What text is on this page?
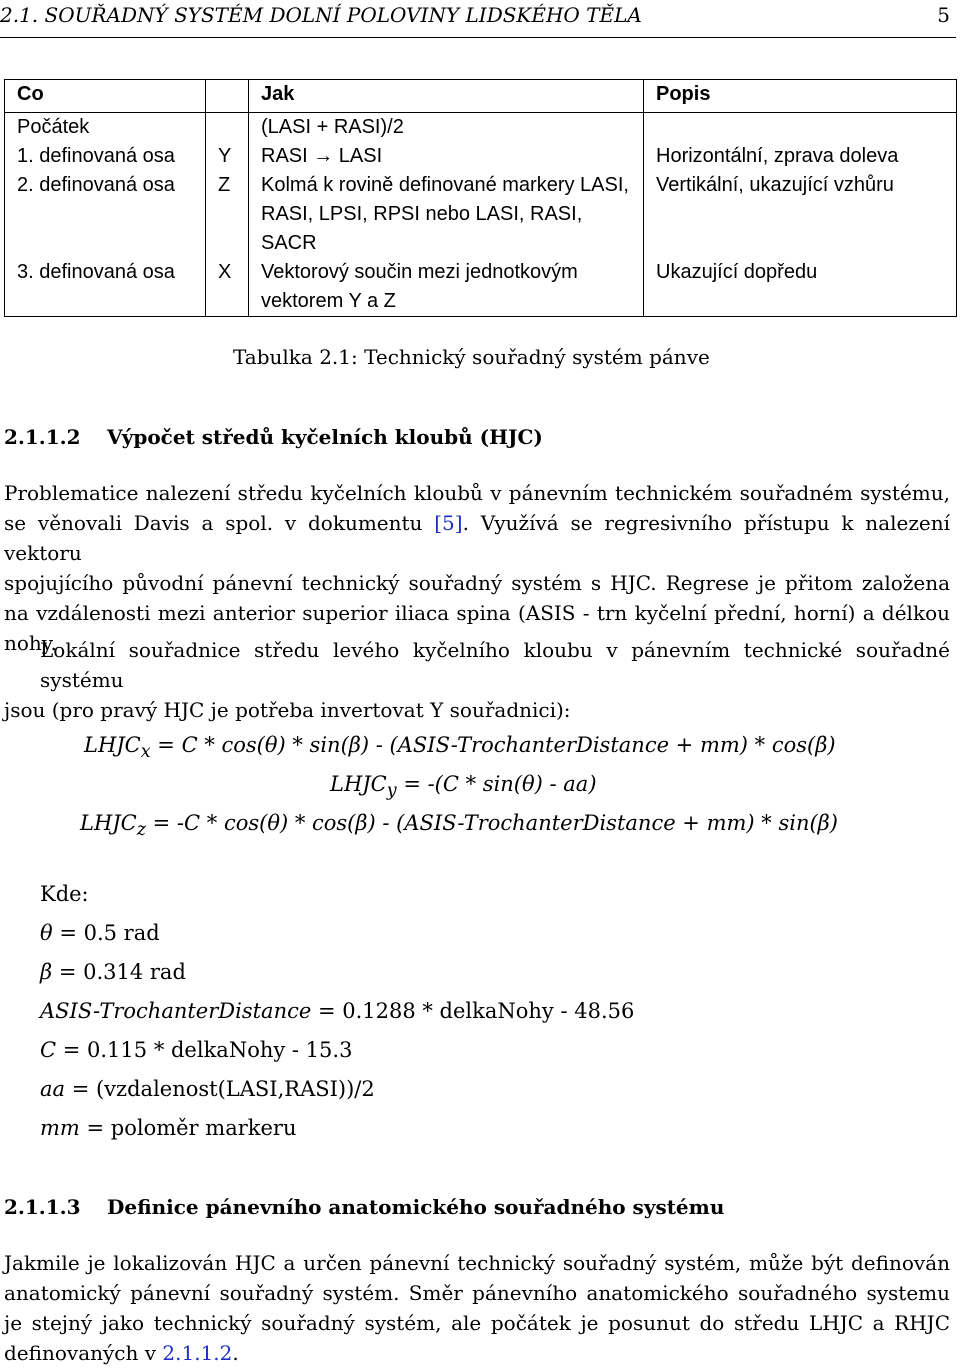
2.1. SOUŘADNÝ SYSTÉM DOLNÍ POLOVINY LIDSKÉHO TĚLA	5
Co		Jak	Popis
Počátek		(LASI + RASI)/2	
1. definovaná osa	Y	RASI → LASI	Horizontální, zprava doleva
2. definovaná osa	Z	Kolmá k rovině definované markery LASI, RASI, LPSI, RPSI nebo LASI, RASI, SACR	Vertikální, ukazující vzhůru
3. definovaná osa	X	Vektorový součin mezi jednotkovým vektorem Y a Z	Ukazující dopředu
Tabulka 2.1: Technický souřadný systém pánve
2.1.1.2 Výpočet středů kyčelních kloubů (HJC)
Problematice nalezení středu kyčelních kloubů v pánevním technickém souřadném systému,
se věnovali Davis a spol. v dokumentu [5]. Využívá se regresivního přístupu k nalezení vektoru
spojujícího původní pánevní technický souřadný systém s HJC. Regrese je přitom založena
na vzdálenosti mezi anterior superior iliaca spina (ASIS - trn kyčelní přední, horní) a délkou
nohy.
Lokální souřadnice středu levého kyčelního kloubu v pánevním technické souřadné systému
jsou (pro pravý HJC je potřeba invertovat Y souřadnici):
$LHJC_x = C * \cos(\theta) * \sin(\beta)$ - (ASIS-TrochanterDistance + mm) * cos(β)
$LHJC_y = -(C * \sin(\theta) - aa)$
$LHJC_z = -C * \cos(\theta) * \cos(\beta)$ - (ASIS-TrochanterDistance + mm) * sin(β)
Kde:
θ = 0.5 rad
β = 0.314 rad
ASIS-TrochanterDistance = 0.1288 * delkaNohy - 48.56
C = 0.115 * delkaNohy - 15.3
aa = (vzdalenost(LASI,RASI))/2
mm = poloměr markeru
2.1.1.3 Definice pánevního anatomického souřadného systému
Jakmile je lokalizován HJC a určen pánevní technický souřadný systém, může být definován
anatomický pánevní souřadný systém. Směr pánevního anatomického souřadného systemu
je stejný jako technický souřadný systém, ale počátek je posunut do středu LHJC a RHJC
definovaných v 2.1.1.2.
